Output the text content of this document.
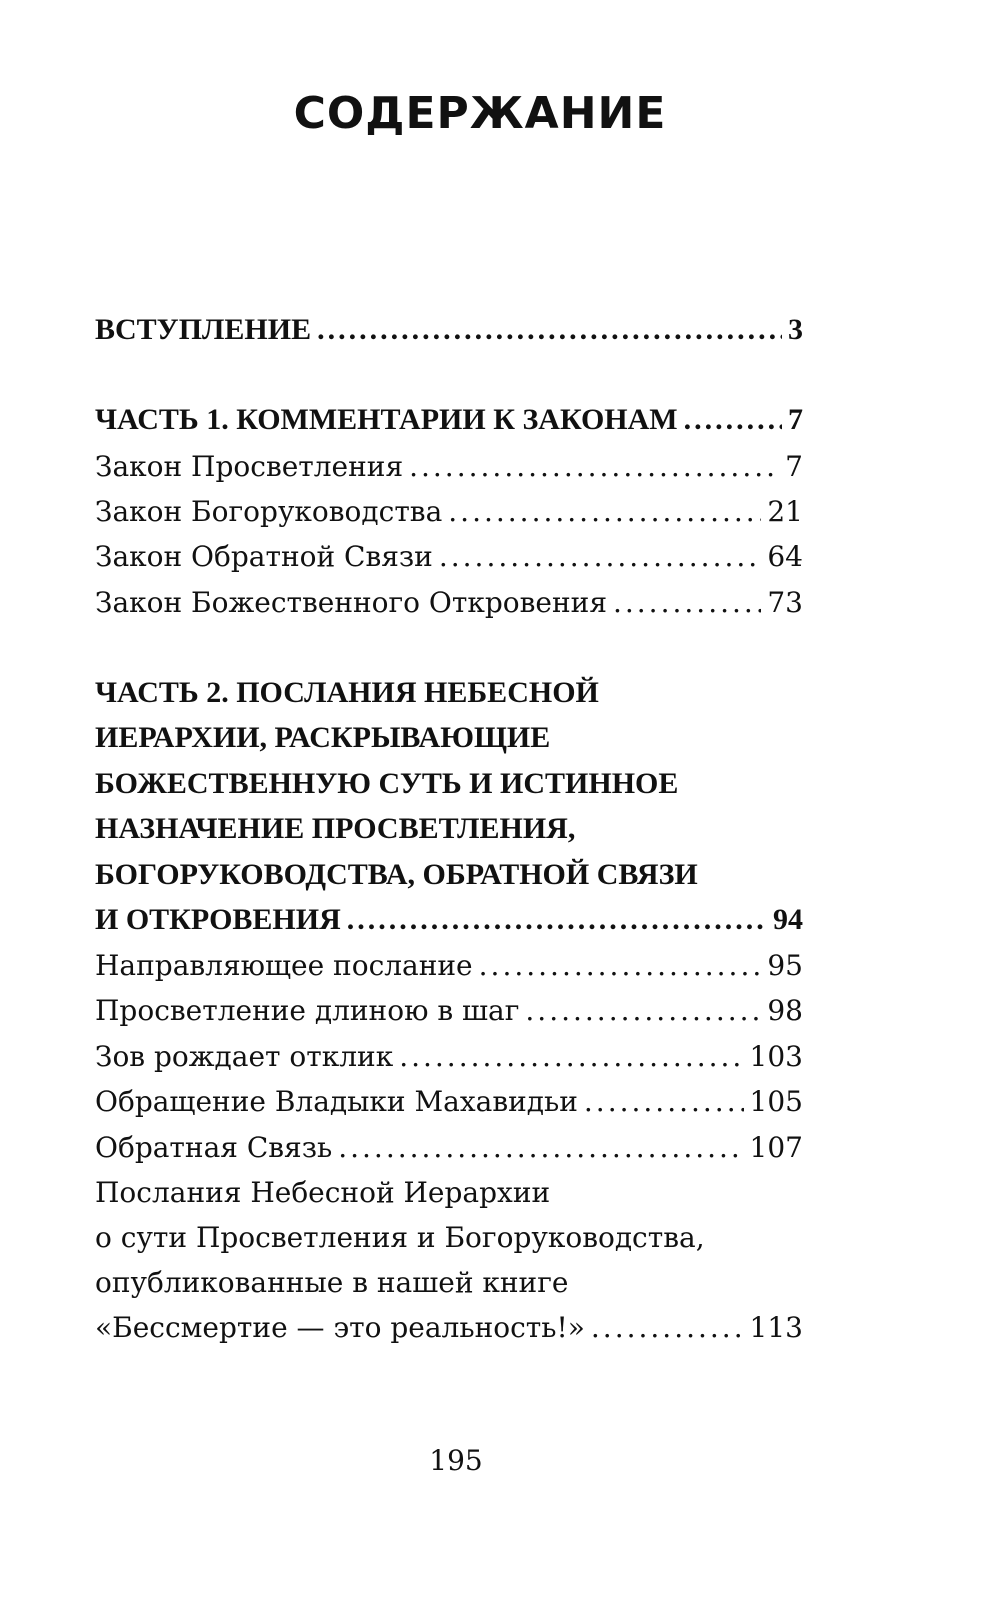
СОДЕРЖАНИЕ
ВСТУПЛЕНИЕ .....	3
ЧАСТЬ 1. КОММЕНТАРИИ К ЗАКОНАМ .....	7
Закон Просветления .....	7
Закон Богоруководства .....	21
Закон Обратной Связи .....	64
Закон Божественного Откровения .....	73
ЧАСТЬ 2. ПОСЛАНИЯ НЕБЕСНОЙ
ИЕРАРХИИ, РАСКРЫВАЮЩИЕ
БОЖЕСТВЕННУЮ СУТЬ И ИСТИННОЕ
НАЗНАЧЕНИЕ ПРОСВЕТЛЕНИЯ,
БОГОРУКОВОДСТВА, ОБРАТНОЙ СВЯЗИ
И ОТКРОВЕНИЯ .....	94
Направляющее послание .....	95
Просветление длиною в шаг .....	98
Зов рождает отклик .....	103
Обращение Владыки Махавидьи .....	105
Обратная Связь .....	107
Послания Небесной Иерархии
о сути Просветления и Богоруководства,
опубликованные в нашей книге
«Бессмертие — это реальность!» .....	113
195
